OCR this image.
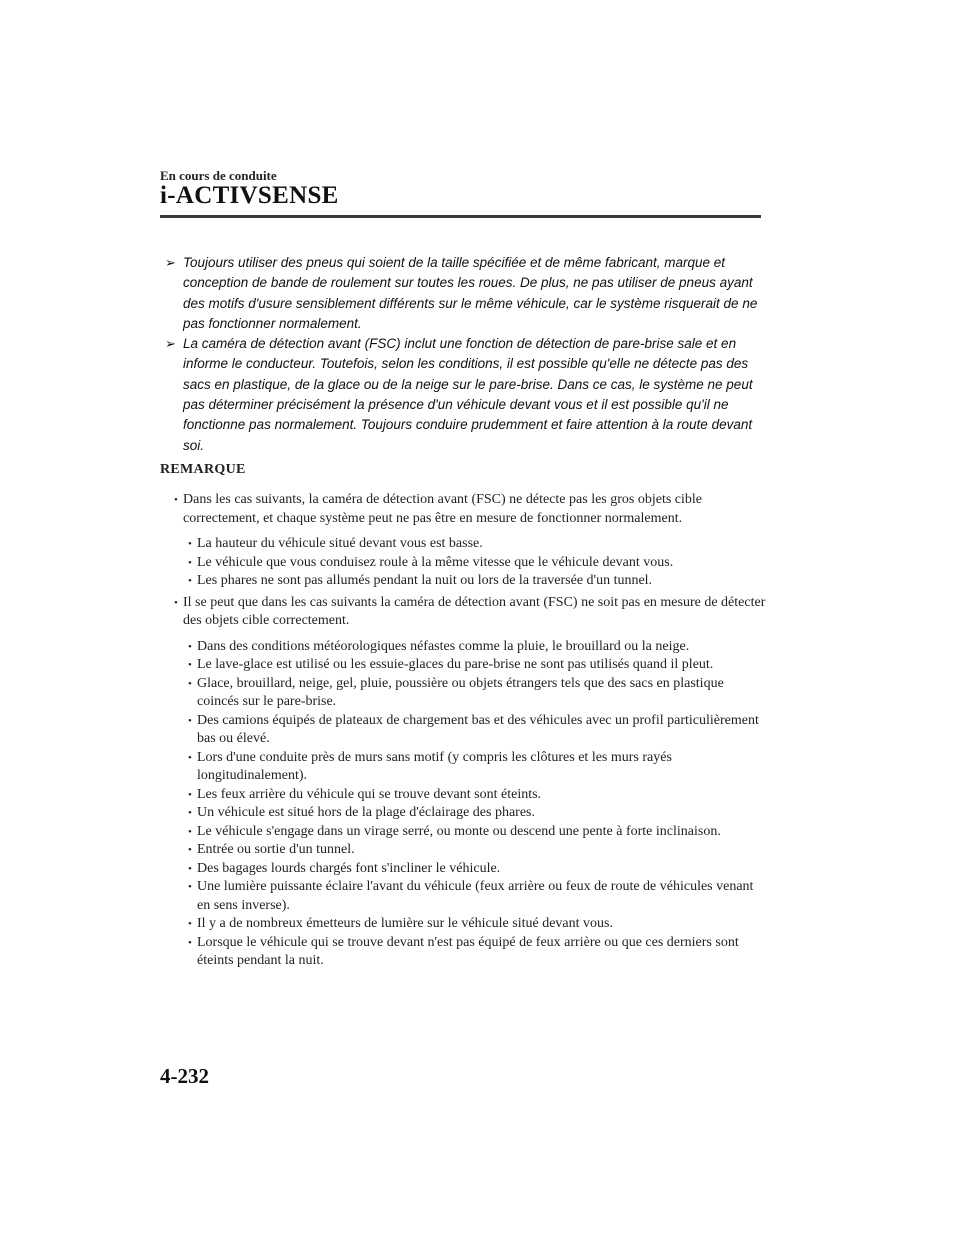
En cours de conduite
i-ACTIVSENSE
➢ Toujours utiliser des pneus qui soient de la taille spécifiée et de même fabricant, marque et conception de bande de roulement sur toutes les roues. De plus, ne pas utiliser de pneus ayant des motifs d'usure sensiblement différents sur le même véhicule, car le système risquerait de ne pas fonctionner normalement.
➢ La caméra de détection avant (FSC) inclut une fonction de détection de pare-brise sale et en informe le conducteur. Toutefois, selon les conditions, il est possible qu'elle ne détecte pas des sacs en plastique, de la glace ou de la neige sur le pare-brise. Dans ce cas, le système ne peut pas déterminer précisément la présence d'un véhicule devant vous et il est possible qu'il ne fonctionne pas normalement. Toujours conduire prudemment et faire attention à la route devant soi.
REMARQUE
• Dans les cas suivants, la caméra de détection avant (FSC) ne détecte pas les gros objets cible correctement, et chaque système peut ne pas être en mesure de fonctionner normalement.
• La hauteur du véhicule situé devant vous est basse.
• Le véhicule que vous conduisez roule à la même vitesse que le véhicule devant vous.
• Les phares ne sont pas allumés pendant la nuit ou lors de la traversée d'un tunnel.
• Il se peut que dans les cas suivants la caméra de détection avant (FSC) ne soit pas en mesure de détecter des objets cible correctement.
• Dans des conditions météorologiques néfastes comme la pluie, le brouillard ou la neige.
• Le lave-glace est utilisé ou les essuie-glaces du pare-brise ne sont pas utilisés quand il pleut.
• Glace, brouillard, neige, gel, pluie, poussière ou objets étrangers tels que des sacs en plastique coincés sur le pare-brise.
• Des camions équipés de plateaux de chargement bas et des véhicules avec un profil particulièrement bas ou élevé.
• Lors d'une conduite près de murs sans motif (y compris les clôtures et les murs rayés longitudinalement).
• Les feux arrière du véhicule qui se trouve devant sont éteints.
• Un véhicule est situé hors de la plage d'éclairage des phares.
• Le véhicule s'engage dans un virage serré, ou monte ou descend une pente à forte inclinaison.
• Entrée ou sortie d'un tunnel.
• Des bagages lourds chargés font s'incliner le véhicule.
• Une lumière puissante éclaire l'avant du véhicule (feux arrière ou feux de route de véhicules venant en sens inverse).
• Il y a de nombreux émetteurs de lumière sur le véhicule situé devant vous.
• Lorsque le véhicule qui se trouve devant n'est pas équipé de feux arrière ou que ces derniers sont éteints pendant la nuit.
4-232
